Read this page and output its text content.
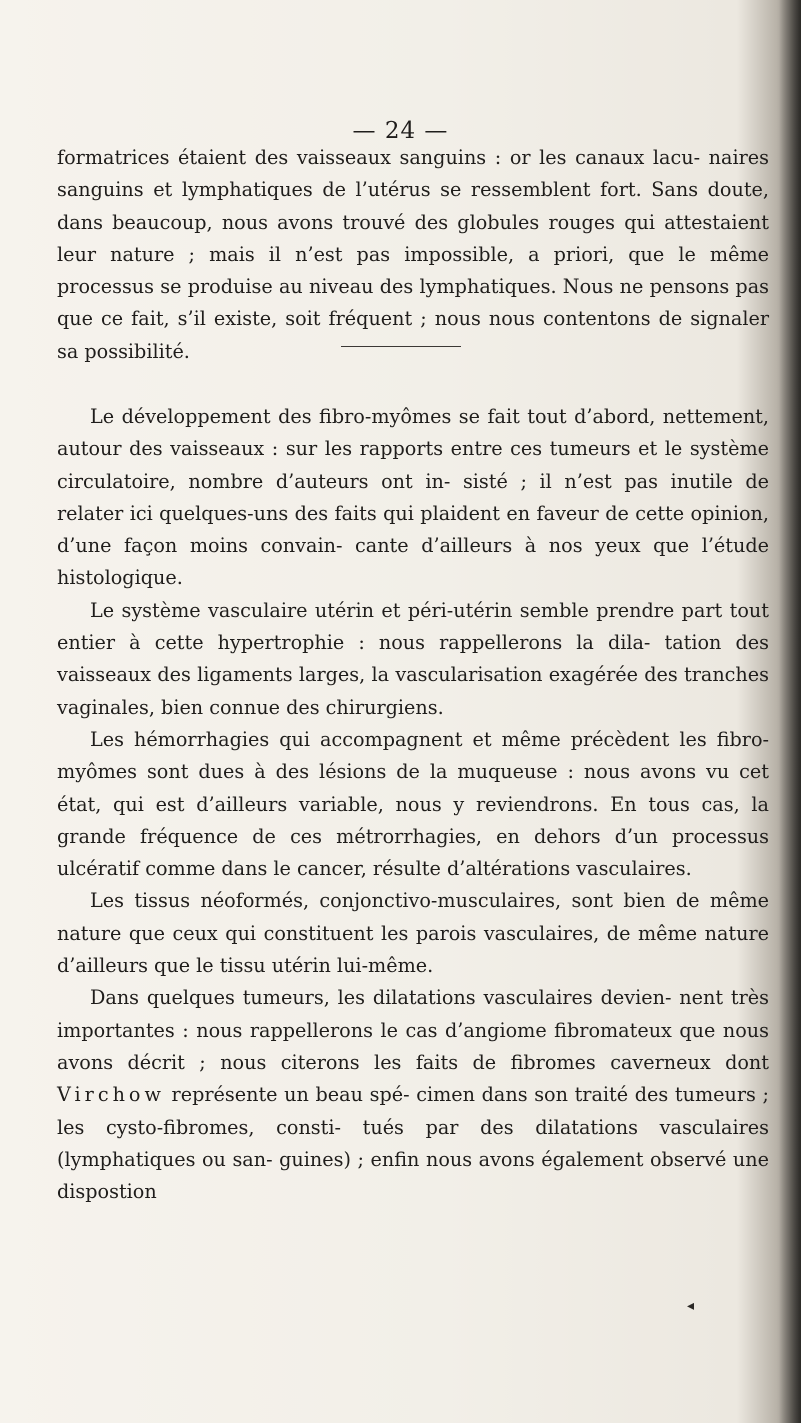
— 24 —

formatrices étaient des vaisseaux sanguins : or les canaux lacu- naires sanguins et lymphatiques de l’utérus se ressemblent fort. Sans doute, dans beaucoup, nous avons trouvé des globules rouges qui attestaient leur nature ; mais il n’est pas impossible, a priori, que le même processus se produise au niveau des lymphatiques. Nous ne pensons pas que ce fait, s’il existe, soit fréquent ; nous nous contentons de signaler sa possibilité.

Le développement des fibro-myômes se fait tout d’abord, nettement, autour des vaisseaux : sur les rapports entre ces tumeurs et le système circulatoire, nombre d’auteurs ont in- sisté ; il n’est pas inutile de relater ici quelques-uns des faits qui plaident en faveur de cette opinion, d’une façon moins convain- cante d’ailleurs à nos yeux que l’étude histologique.

Le système vasculaire utérin et péri-utérin semble prendre part tout entier à cette hypertrophie : nous rappellerons la dila- tation des vaisseaux des ligaments larges, la vascularisation exagérée des tranches vaginales, bien connue des chirurgiens.

Les hémorrhagies qui accompagnent et même précèdent les fibro-myômes sont dues à des lésions de la muqueuse : nous avons vu cet état, qui est d’ailleurs variable, nous y reviendrons. En tous cas, la grande fréquence de ces métrorrhagies, en dehors d’un processus ulcératif comme dans le cancer, résulte d’altérations vasculaires.

Les tissus néoformés, conjonctivo-musculaires, sont bien de même nature que ceux qui constituent les parois vasculaires, de même nature d’ailleurs que le tissu utérin lui-même.

Dans quelques tumeurs, les dilatations vasculaires devien- nent très importantes : nous rappellerons le cas d’angiome fibromateux que nous avons décrit ; nous citerons les faits de fibromes caverneux dont Virchow représente un beau spé- cimen dans son traité des tumeurs ; les cysto-fibromes, consti- tués par des dilatations vasculaires (lymphatiques ou san- guines) ; enfin nous avons également observé une dispostion

◂
